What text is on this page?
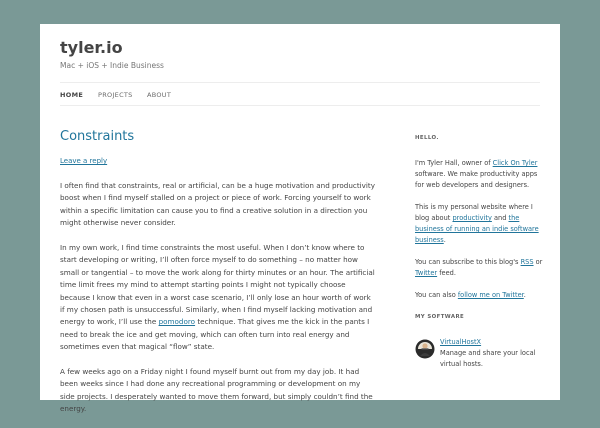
tyler.io
Mac + iOS + Indie Business
HOME PROJECTS ABOUT
Constraints
Leave a reply

I often find that constraints, real or artificial, can be a huge motivation and productivity boost when I find myself stalled on a project or piece of work. Forcing yourself to work within a specific limitation can cause you to find a creative solution in a direction you might otherwise never consider.

In my own work, I find time constraints the most useful. When I don’t know where to start developing or writing, I’ll often force myself to do something – no matter how small or tangential – to move the work along for thirty minutes or an hour. The artificial time limit frees my mind to attempt starting points I might not typically choose because I know that even in a worst case scenario, I’ll only lose an hour worth of work if my chosen path is unsuccessful. Similarly, when I find myself lacking motivation and energy to work, I’ll use the pomodoro technique. That gives me the kick in the pants I need to break the ice and get moving, which can often turn into real energy and sometimes even that magical “flow” state.

A few weeks ago on a Friday night I found myself burnt out from my day job. It had been weeks since I had done any recreational programming or development on my side projects. I desperately wanted to move them forward, but simply couldn’t find the energy.

HELLO.

I'm Tyler Hall, owner of Click On Tyler software. We make productivity apps for web developers and designers.

This is my personal website where I blog about productivity and the business of running an indie software business.

You can subscribe to this blog's RSS or Twitter feed.

You can also follow me on Twitter.

MY SOFTWARE
VirtualHostX
Manage and share your local virtual hosts.
